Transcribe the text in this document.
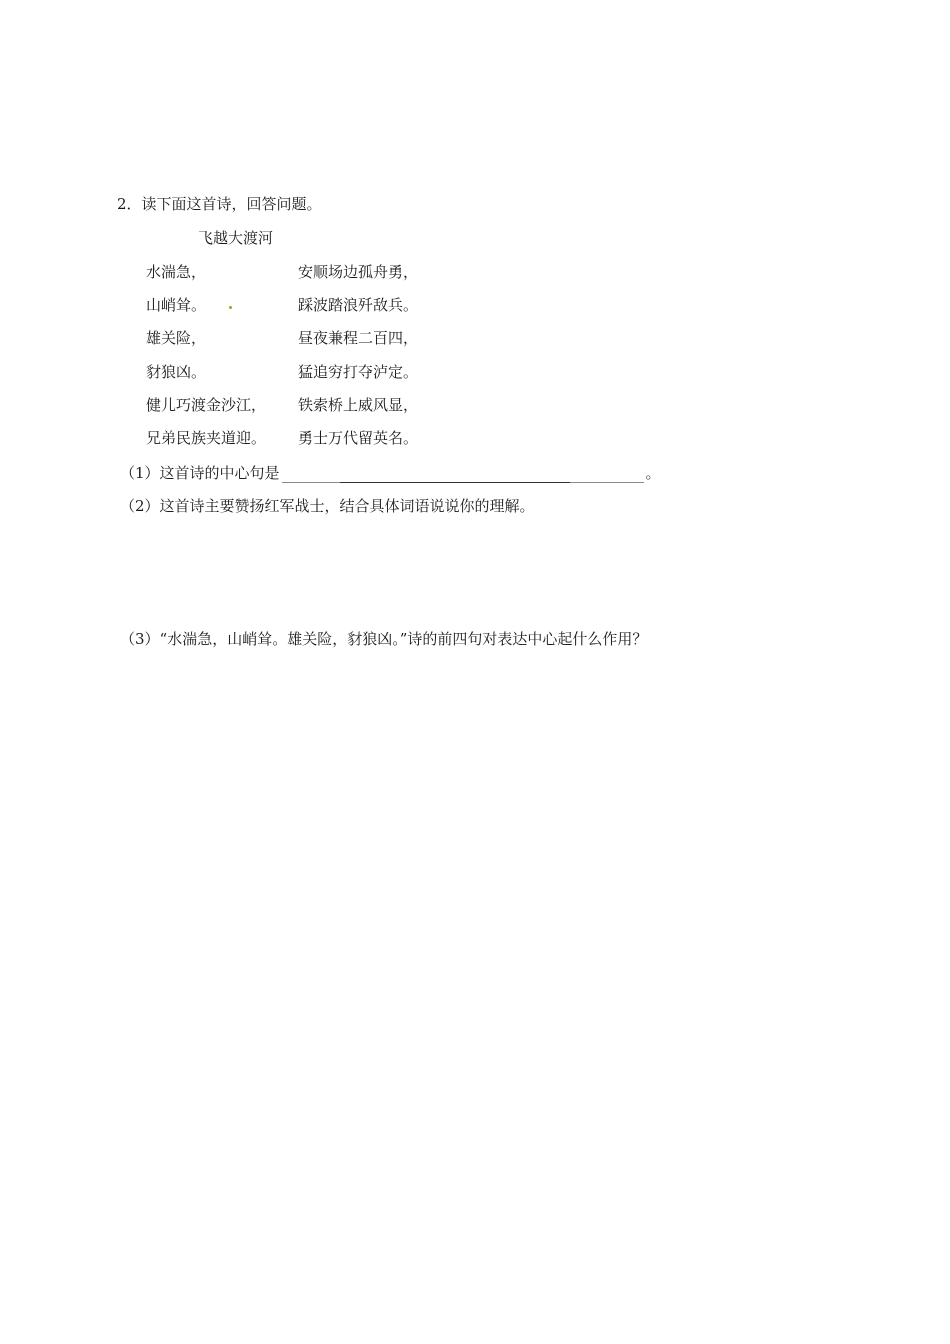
2．读下面这首诗，回答问题。
飞越大渡河
水湍急，
山峭耸。
雄关险，
豺狼凶。
健儿巧渡金沙江，
兄弟民族夹道迎。
安顺场边孤舟勇，
踩波踏浪歼敌兵。
昼夜兼程二百四，
猛追穷打夺泸定。
铁索桥上威风显，
勇士万代留英名。
（1）这首诗的中心句是	。
（2）这首诗主要赞扬红军战士，结合具体词语说说你的理解。
（3）“水湍急，山峭耸。雄关险，豺狼凶。”诗的前四句对表达中心起什么作用？
